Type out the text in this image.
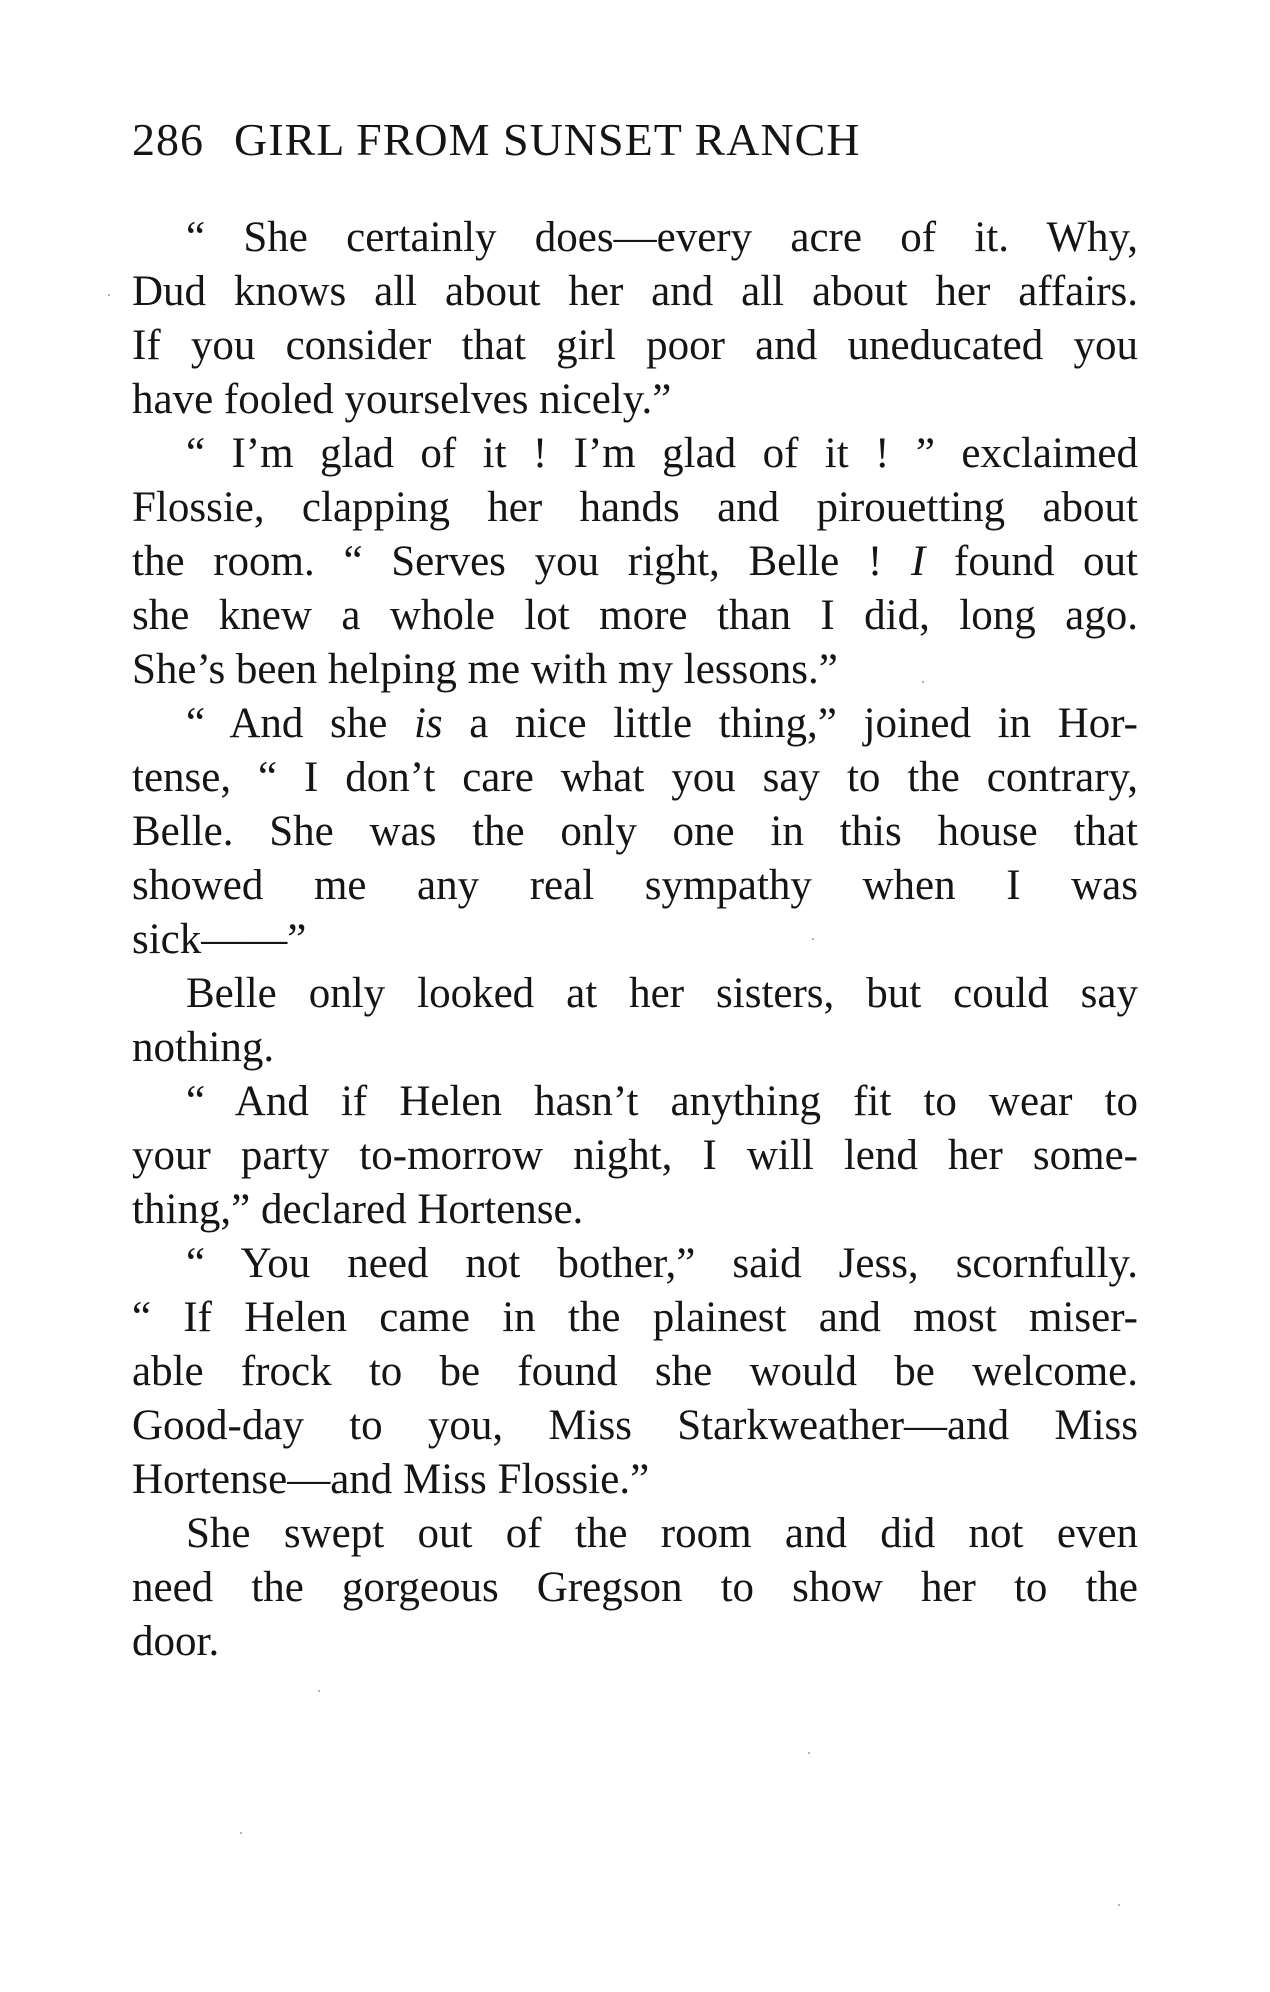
286 GIRL FROM SUNSET RANCH
“ She certainly does—every acre of it. Why,
Dud knows all about her and all about her affairs.
If you consider that girl poor and uneducated you
have fooled yourselves nicely.”
“ I’m glad of it ! I’m glad of it ! ” exclaimed
Flossie, clapping her hands and pirouetting about
the room. “ Serves you right, Belle ! I found out
she knew a whole lot more than I did, long ago.
She’s been helping me with my lessons.”
“ And she is a nice little thing,” joined in Hor-
tense, “ I don’t care what you say to the contrary,
Belle. She was the only one in this house that
showed me any real sympathy when I was
sick——”
Belle only looked at her sisters, but could say
nothing.
“ And if Helen hasn’t anything fit to wear to
your party to-morrow night, I will lend her some-
thing,” declared Hortense.
“ You need not bother,” said Jess, scornfully.
“ If Helen came in the plainest and most miser-
able frock to be found she would be welcome.
Good-day to you, Miss Starkweather—and Miss
Hortense—and Miss Flossie.”
She swept out of the room and did not even
need the gorgeous Gregson to show her to the
door.
